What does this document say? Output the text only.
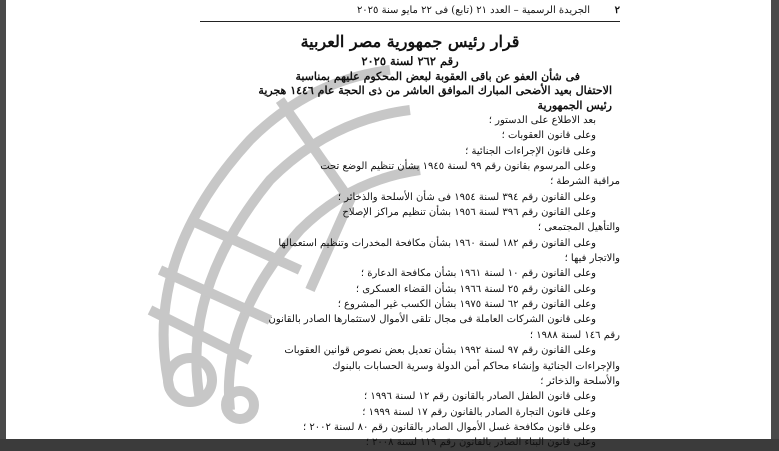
٢
الجريدة الرسمية – العدد ٢١ (تابع) فى ٢٢ مايو سنة ٢٠٢٥
قرار رئيس جمهورية مصر العربية
رقم ٢٦٢ لسنة ٢٠٢٥
فى شأن العفو عن باقى العقوبة لبعض المحكوم عليهم بمناسبة
الاحتفال بعيد الأضحى المبارك الموافق العاشر من ذى الحجة عام ١٤٤٦ هجرية
رئيس الجمهورية
بعد الاطلاع على الدستور ؛
وعلى قانون العقوبات ؛
وعلى قانون الإجراءات الجنائية ؛
وعلى المرسوم بقانون رقم ٩٩ لسنة ١٩٤٥ بشأن تنظيم الوضع تحت
مراقبة الشرطة ؛
وعلى القانون رقم ٣٩٤ لسنة ١٩٥٤ فى شأن الأسلحة والذخائر ؛
وعلى القانون رقم ٣٩٦ لسنة ١٩٥٦ بشأن تنظيم مراكز الإصلاح
والتأهيل المجتمعى ؛
وعلى القانون رقم ١٨٢ لسنة ١٩٦٠ بشأن مكافحة المخدرات وتنظيم استعمالها
والاتجار فيها ؛
وعلى القانون رقم ١٠ لسنة ١٩٦١ بشأن مكافحة الدعارة ؛
وعلى القانون رقم ٢٥ لسنة ١٩٦٦ بشأن القضاء العسكرى ؛
وعلى القانون رقم ٦٢ لسنة ١٩٧٥ بشأن الكسب غير المشروع ؛
وعلى قانون الشركات العاملة فى مجال تلقى الأموال لاستثمارها الصادر بالقانون
رقم ١٤٦ لسنة ١٩٨٨ ؛
وعلى القانون رقم ٩٧ لسنة ١٩٩٢ بشأن تعديل بعض نصوص قوانين العقوبات
والإجراءات الجنائية وإنشاء محاكم أمن الدولة وسرية الحسابات بالبنوك
والأسلحة والذخائر ؛
وعلى قانون الطفل الصادر بالقانون رقم ١٢ لسنة ١٩٩٦ ؛
وعلى قانون التجارة الصادر بالقانون رقم ١٧ لسنة ١٩٩٩ ؛
وعلى قانون مكافحة غسل الأموال الصادر بالقانون رقم ٨٠ لسنة ٢٠٠٢ ؛
وعلى قانون البناء الصادر بالقانون رقم ١١٩ لسنة ٢٠٠٨ ؛
